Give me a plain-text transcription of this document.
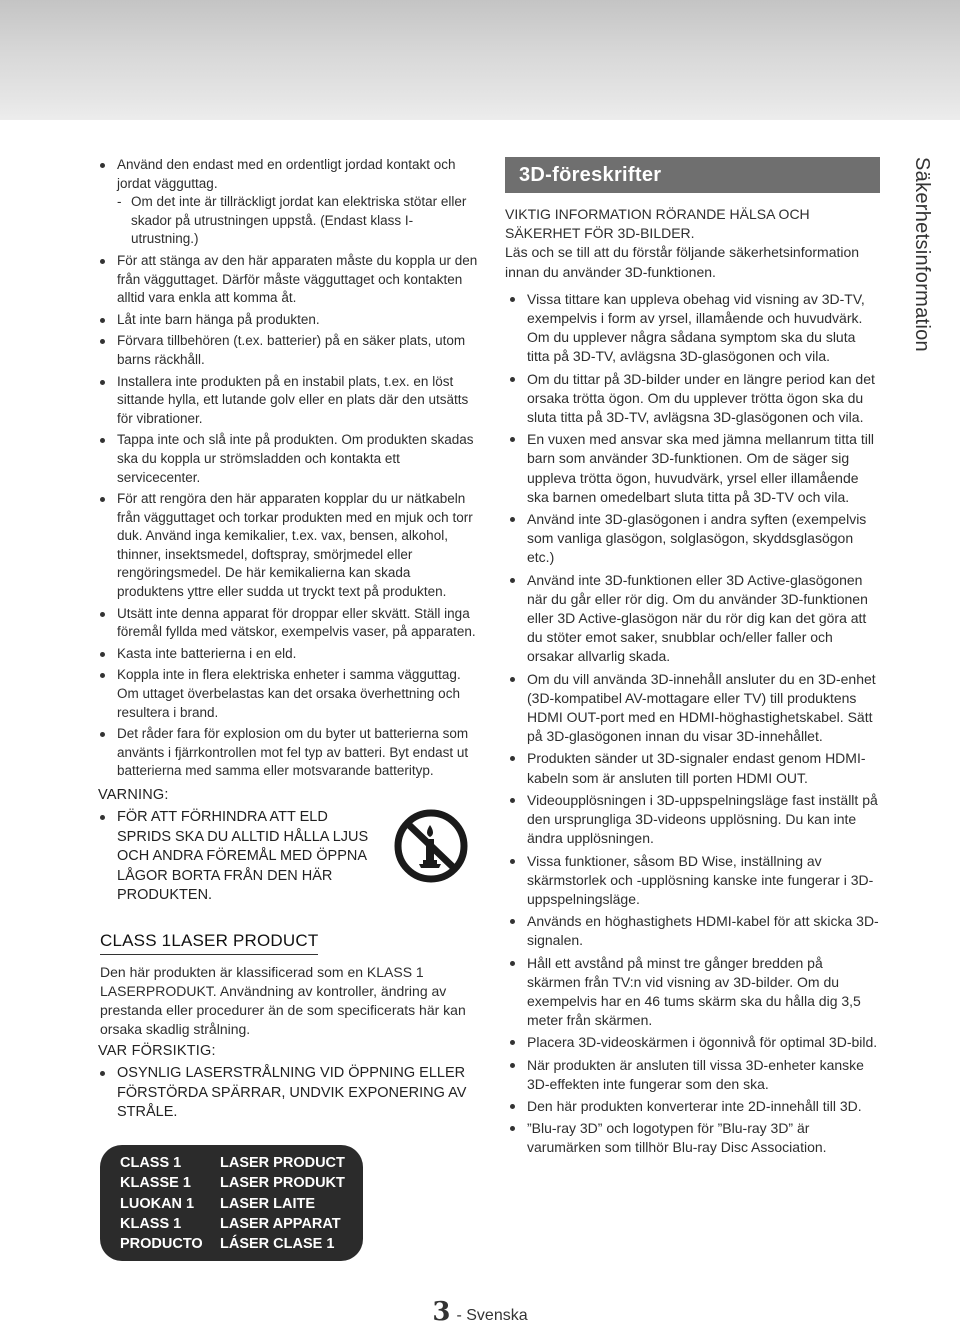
Använd den endast med en ordentligt jordad kontakt och jordat vägguttag.
- Om det inte är tillräckligt jordat kan elektriska stötar eller skador på utrustningen uppstå. (Endast klass I-utrustning.)
För att stänga av den här apparaten måste du koppla ur den från vägguttaget. Därför måste vägguttaget och kontakten alltid vara enkla att komma åt.
Låt inte barn hänga på produkten.
Förvara tillbehören (t.ex. batterier) på en säker plats, utom barns räckhåll.
Installera inte produkten på en instabil plats, t.ex. en löst sittande hylla, ett lutande golv eller en plats där den utsätts för vibrationer.
Tappa inte och slå inte på produkten. Om produkten skadas ska du koppla ur strömsladden och kontakta ett servicecenter.
För att rengöra den här apparaten kopplar du ur nätkabeln från vägguttaget och torkar produkten med en mjuk och torr duk. Använd inga kemikalier, t.ex. vax, bensen, alkohol, thinner, insektsmedel, doftspray, smörjmedel eller rengöringsmedel. De här kemikalierna kan skada produktens yttre eller sudda ut tryckt text på produkten.
Utsätt inte denna apparat för droppar eller skvätt. Ställ inga föremål fyllda med vätskor, exempelvis vaser, på apparaten.
Kasta inte batterierna i en eld.
Koppla inte in flera elektriska enheter i samma vägguttag. Om uttaget överbelastas kan det orsaka överhettning och resultera i brand.
Det råder fara för explosion om du byter ut batterierna som använts i fjärrkontrollen mot fel typ av batteri. Byt endast ut batterierna med samma eller motsvarande batterityp.
VARNING:
FÖR ATT FÖRHINDRA ATT ELD SPRIDS SKA DU ALLTID HÅLLA LJUS OCH ANDRA FÖREMÅL MED ÖPPNA LÅGOR BORTA FRÅN DEN HÄR PRODUKTEN.
CLASS 1LASER PRODUCT
Den här produkten är klassificerad som en KLASS 1 LASERPRODUKT. Användning av kontroller, ändring av prestanda eller procedurer än de som specificerats här kan orsaka skadlig strålning.
VAR FÖRSIKTIG:
OSYNLIG LASERSTRÅLNING VID ÖPPNING ELLER FÖRSTÖRDA SPÄRRAR, UNDVIK EXPONERING AV STRÅLE.
CLASS 1	LASER PRODUCT
KLASSE 1	LASER PRODUKT
LUOKAN 1	LASER LAITE
KLASS 1	LASER APPARAT
PRODUCTO	LÁSER CLASE 1
3D-föreskrifter
VIKTIG INFORMATION RÖRANDE HÄLSA OCH SÄKERHET FÖR 3D-BILDER.
Läs och se till att du förstår följande säkerhetsinformation innan du använder 3D-funktionen.
Vissa tittare kan uppleva obehag vid visning av 3D-TV, exempelvis i form av yrsel, illamående och huvudvärk. Om du upplever några sådana symptom ska du sluta titta på 3D-TV, avlägsna 3D-glasögonen och vila.
Om du tittar på 3D-bilder under en längre period kan det orsaka trötta ögon. Om du upplever trötta ögon ska du sluta titta på 3D-TV, avlägsna 3D-glasögonen och vila.
En vuxen med ansvar ska med jämna mellanrum titta till barn som använder 3D-funktionen. Om de säger sig uppleva trötta ögon, huvudvärk, yrsel eller illamående ska barnen omedelbart sluta titta på 3D-TV och vila.
Använd inte 3D-glasögonen i andra syften (exempelvis som vanliga glasögon, solglasögon, skyddsglasögon etc.)
Använd inte 3D-funktionen eller 3D Active-glasögonen när du går eller rör dig. Om du använder 3D-funktionen eller 3D Active-glasögon när du rör dig kan det göra att du stöter emot saker, snubblar och/eller faller och orsakar allvarlig skada.
Om du vill använda 3D-innehåll ansluter du en 3D-enhet (3D-kompatibel AV-mottagare eller TV) till produktens HDMI OUT-port med en HDMI-höghastighetskabel. Sätt på 3D-glasögonen innan du visar 3D-innehållet.
Produkten sänder ut 3D-signaler endast genom HDMI-kabeln som är ansluten till porten HDMI OUT.
Videoupplösningen i 3D-uppspelningsläge fast inställt på den ursprungliga 3D-videons upplösning. Du kan inte ändra upplösningen.
Vissa funktioner, såsom BD Wise, inställning av skärmstorlek och -upplösning kanske inte fungerar i 3D-uppspelningsläge.
Används en höghastighets HDMI-kabel för att skicka 3D-signalen.
Håll ett avstånd på minst tre gånger bredden på skärmen från TV:n vid visning av 3D-bilder. Om du exempelvis har en 46 tums skärm ska du hålla dig 3,5 meter från skärmen.
Placera 3D-videoskärmen i ögonnivå för optimal 3D-bild.
När produkten är ansluten till vissa 3D-enheter kanske 3D-effekten inte fungerar som den ska.
Den här produkten konverterar inte 2D-innehåll till 3D.
”Blu-ray 3D” och logotypen för ”Blu-ray 3D” är varumärken som tillhör Blu-ray Disc Association.
Säkerhetsinformation
3 - Svenska
